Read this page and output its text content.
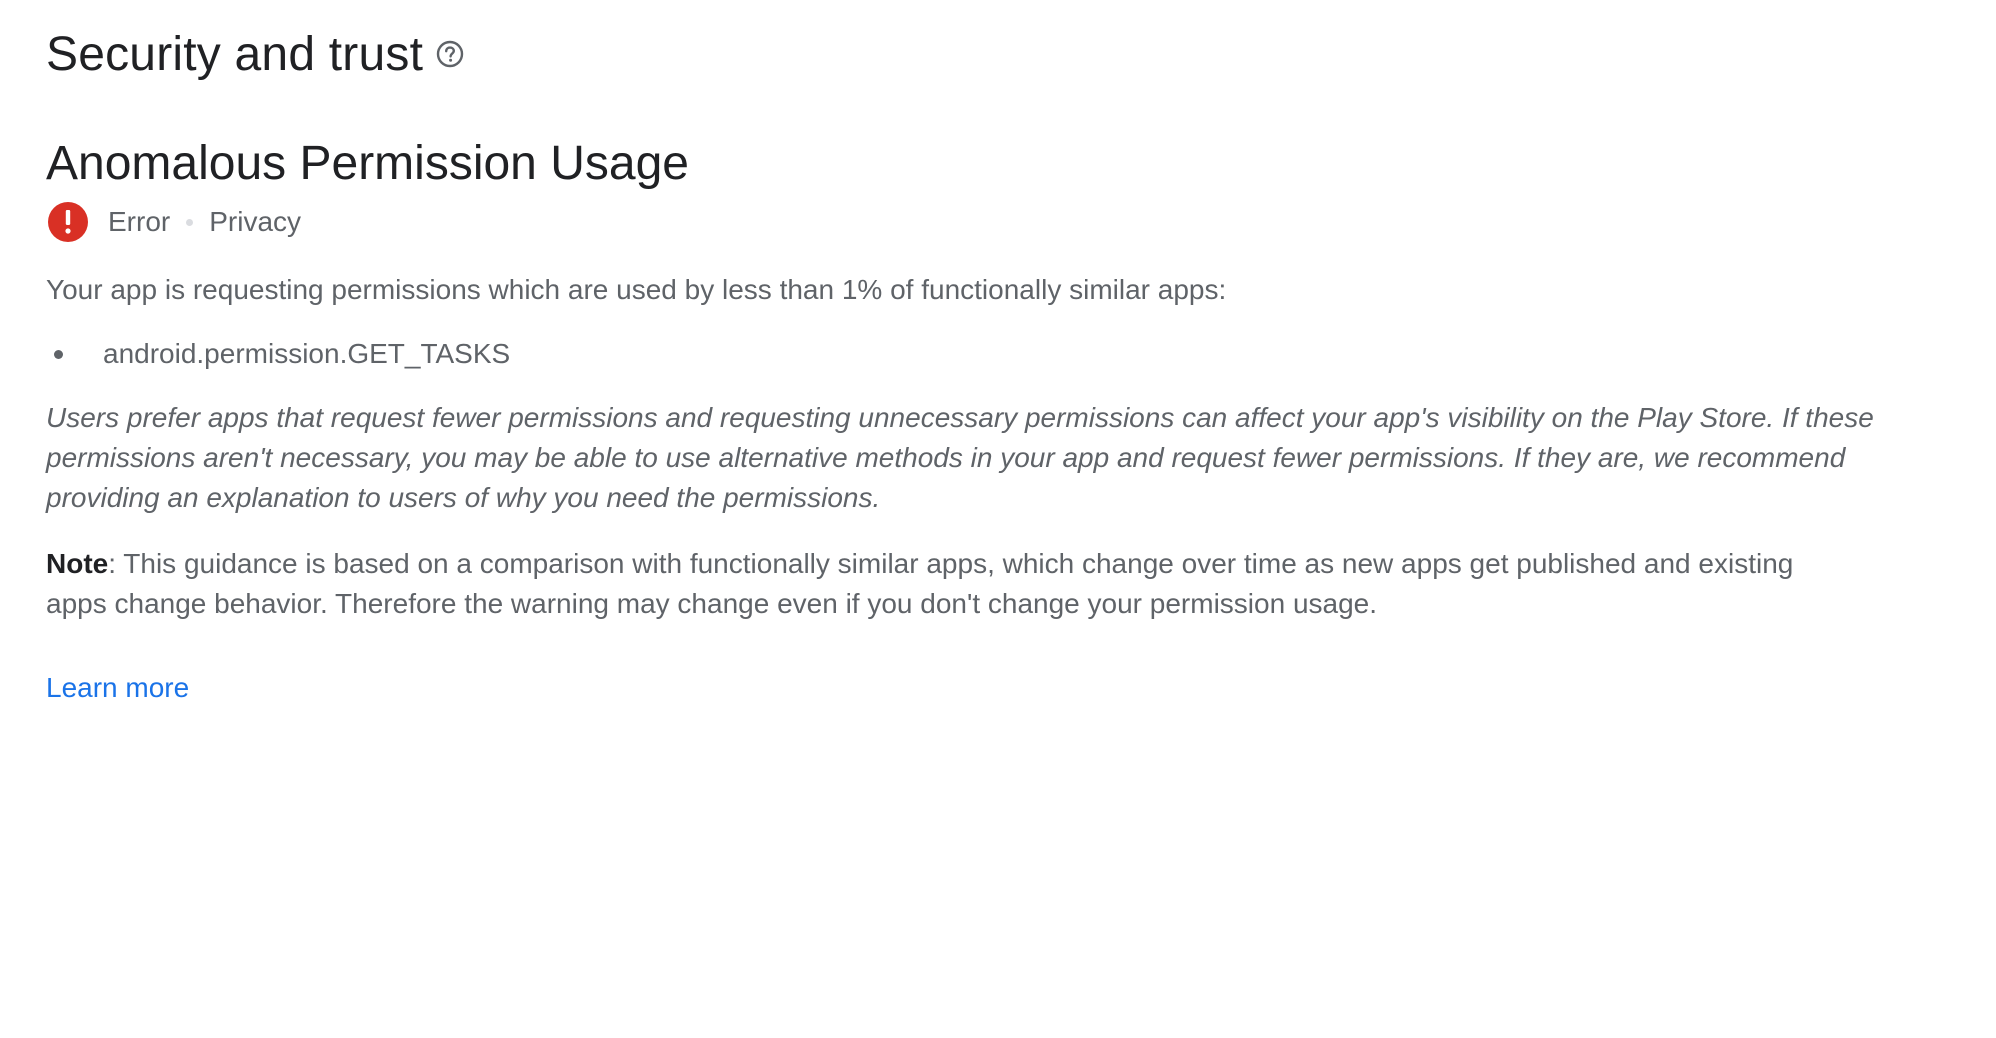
Security and trust
Anomalous Permission Usage
Error Privacy

Your app is requesting permissions which are used by less than 1% of functionally similar apps:

android.permission.GET_TASKS

Users prefer apps that request fewer permissions and requesting unnecessary permissions can affect your app's visibility on the Play Store. If these permissions aren't necessary, you may be able to use alternative methods in your app and request fewer permissions. If they are, we recommend providing an explanation to users of why you need the permissions.

Note: This guidance is based on a comparison with functionally similar apps, which change over time as new apps get published and existing apps change behavior. Therefore the warning may change even if you don't change your permission usage.

Learn more
